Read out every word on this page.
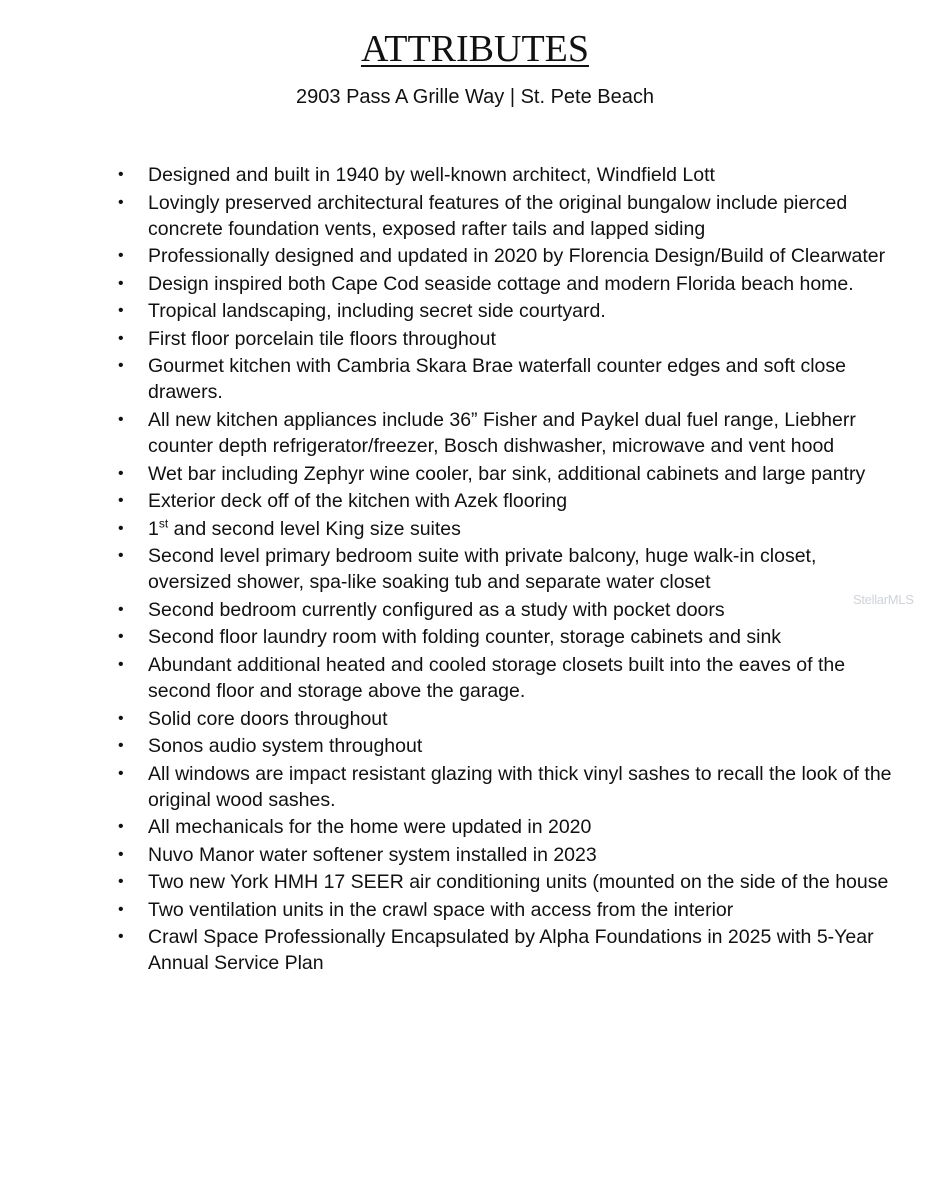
ATTRIBUTES
2903 Pass A Grille Way | St. Pete Beach
• Designed and built in 1940 by well-known architect, Windfield Lott
• Lovingly preserved architectural features of the original bungalow include pierced concrete foundation vents, exposed rafter tails and lapped siding
• Professionally designed and updated in 2020 by Florencia Design/Build of Clearwater
• Design inspired both Cape Cod seaside cottage and modern Florida beach home.
• Tropical landscaping, including secret side courtyard.
• First floor porcelain tile floors throughout
• Gourmet kitchen with Cambria Skara Brae waterfall counter edges and soft close drawers.
• All new kitchen appliances include 36” Fisher and Paykel dual fuel range, Liebherr counter depth refrigerator/freezer, Bosch dishwasher, microwave and vent hood
• Wet bar including Zephyr wine cooler, bar sink, additional cabinets and large pantry
• Exterior deck off of the kitchen with Azek flooring
• 1st and second level King size suites
• Second level primary bedroom suite with private balcony, huge walk-in closet, oversized shower, spa-like soaking tub and separate water closet
• Second bedroom currently configured as a study with pocket doors
• Second floor laundry room with folding counter, storage cabinets and sink
• Abundant additional heated and cooled storage closets built into the eaves of the second floor and storage above the garage.
• Solid core doors throughout
• Sonos audio system throughout
• All windows are impact resistant glazing with thick vinyl sashes to recall the look of the original wood sashes.
• All mechanicals for the home were updated in 2020
• Nuvo Manor water softener system installed in 2023
• Two new York HMH 17 SEER air conditioning units (mounted on the side of the house
• Two ventilation units in the crawl space with access from the interior
• Crawl Space Professionally Encapsulated by Alpha Foundations in 2025 with 5-Year Annual Service Plan
StellarMLS
